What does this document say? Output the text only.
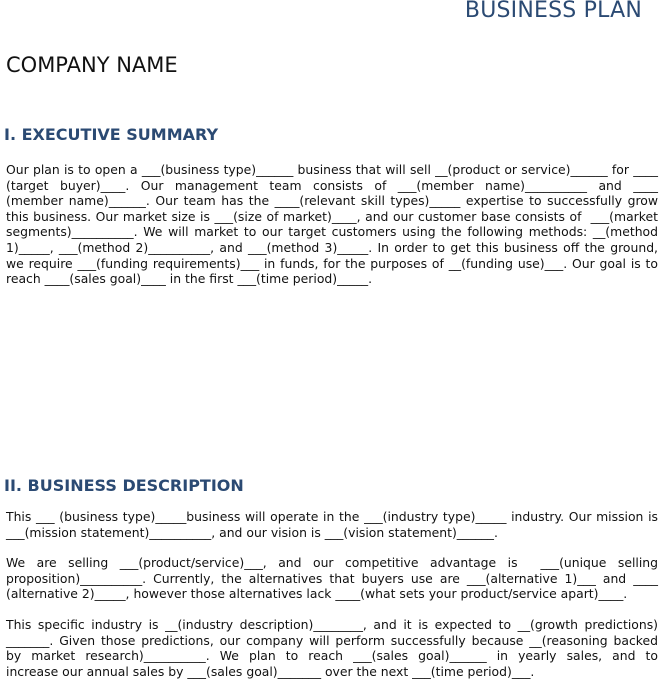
BUSINESS PLAN
COMPANY NAME
I. EXECUTIVE SUMMARY
Our plan is to open a ___(business type)______ business that will sell __(product or service)______ for ____
(target buyer)____. Our management team consists of ___(member name)__________ and ____
(member name)______. Our team has the ____(relevant skill types)_____ expertise to successfully grow
this business. Our market size is ___(size of market)____, and our customer base consists of  ___(market
segments)__________. We will market to our target customers using the following methods: __(method
1)_____, ___(method 2)__________, and ___(method 3)_____. In order to get this business off the ground,
we require ___(funding requirements)___ in funds, for the purposes of __(funding use)___. Our goal is to
reach ____(sales goal)____ in the first ___(time period)_____.
II. BUSINESS DESCRIPTION
This ___ (business type)_____business will operate in the ___(industry type)_____ industry. Our mission is
___(mission statement)__________, and our vision is ___(vision statement)______.
We are selling ___(product/service)___, and our competitive advantage is  ___(unique selling
proposition)__________. Currently, the alternatives that buyers use are ___(alternative 1)___ and ____
(alternative 2)_____, however those alternatives lack ____(what sets your product/service apart)____.
This specific industry is __(industry description)________, and it is expected to __(growth predictions)
_______. Given those predictions, our company will perform successfully because __(reasoning backed
by market research)__________. We plan to reach ___(sales goal)______ in yearly sales, and to
increase our annual sales by ___(sales goal)_______ over the next ___(time period)___.
